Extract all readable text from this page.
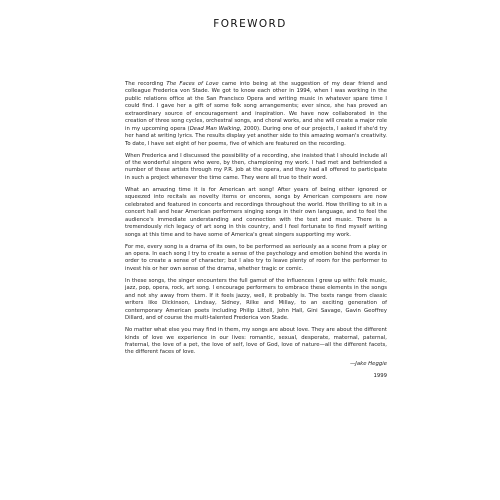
FOREWORD

The recording The Faces of Love came into being at the suggestion of my dear friend and colleague Frederica von Stade. We got to know each other in 1994, when I was working in the public relations office at the San Francisco Opera and writing music in whatever spare time I could find. I gave her a gift of some folk song arrangements; ever since, she has proved an extraordinary source of encouragement and inspiration. We have now collaborated in the creation of three song cycles, orchestral songs, and choral works, and she will create a major role in my upcoming opera (Dead Man Walking, 2000). During one of our projects, I asked if she'd try her hand at writing lyrics. The results display yet another side to this amazing woman's creativity. To date, I have set eight of her poems, five of which are featured on the recording.

When Frederica and I discussed the possibility of a recording, she insisted that I should include all of the wonderful singers who were, by then, championing my work. I had met and befriended a number of these artists through my P.R. job at the opera, and they had all offered to participate in such a project whenever the time came. They were all true to their word.

What an amazing time it is for American art song! After years of being either ignored or squeezed into recitals as novelty items or encores, songs by American composers are now celebrated and featured in concerts and recordings throughout the world. How thrilling to sit in a concert hall and hear American performers singing songs in their own language, and to feel the audience's immediate understanding and connection with the text and music. There is a tremendously rich legacy of art song in this country, and I feel fortunate to find myself writing songs at this time and to have some of America's great singers supporting my work.

For me, every song is a drama of its own, to be performed as seriously as a scene from a play or an opera. In each song I try to create a sense of the psychology and emotion behind the words in order to create a sense of character; but I also try to leave plenty of room for the performer to invest his or her own sense of the drama, whether tragic or comic.

In these songs, the singer encounters the full gamut of the influences I grew up with: folk music, jazz, pop, opera, rock, art song. I encourage performers to embrace these elements in the songs and not shy away from them. If it feels jazzy, well, it probably is. The texts range from classic writers like Dickinson, Lindsay, Sidney, Rilke and Millay, to an exciting generation of contemporary American poets including Philip Littell, John Hall, Gini Savage, Gavin Geoffrey Dillard, and of course the multi-talented Frederica von Stade.

No matter what else you may find in them, my songs are about love. They are about the different kinds of love we experience in our lives: romantic, sexual, desperate, maternal, paternal, fraternal, the love of a pet, the love of self, love of God, love of nature—all the different facets, the different faces of love.

—Jake Heggie

1999
